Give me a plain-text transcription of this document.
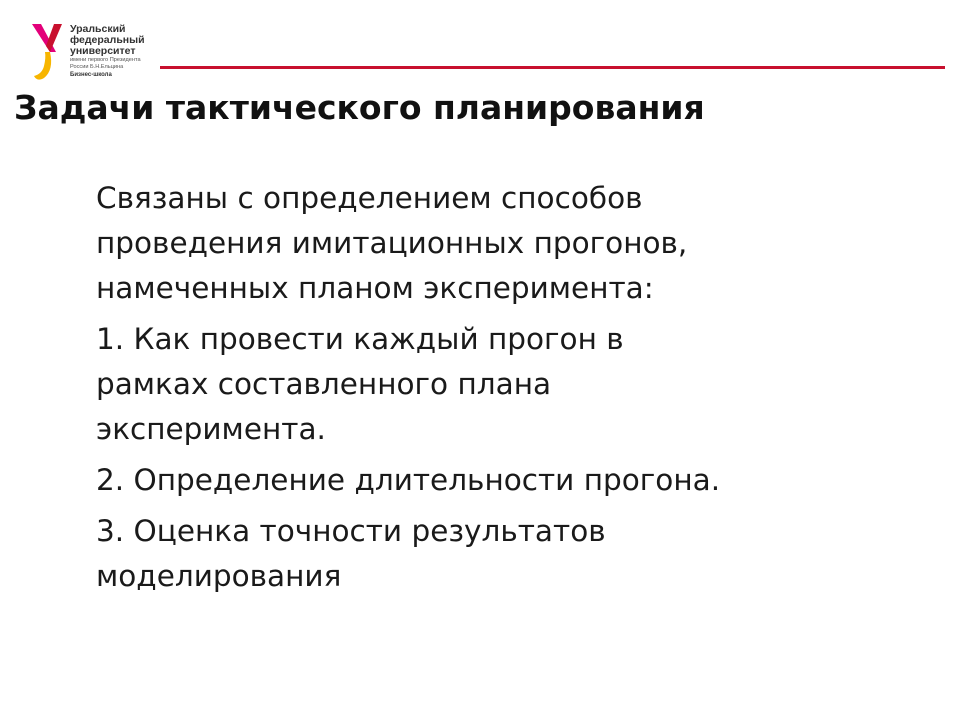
Уральский
федеральный
университет
имени первого Президента
России Б.Н.Ельцина
Бизнес-школа
Задачи тактического планирования

Связаны с определением способов
проведения имитационных прогонов,
намеченных планом эксперимента:

1. Как провести каждый прогон в
рамках составленного плана
эксперимента.

2. Определение длительности прогона.

3. Оценка точности результатов
моделирования
